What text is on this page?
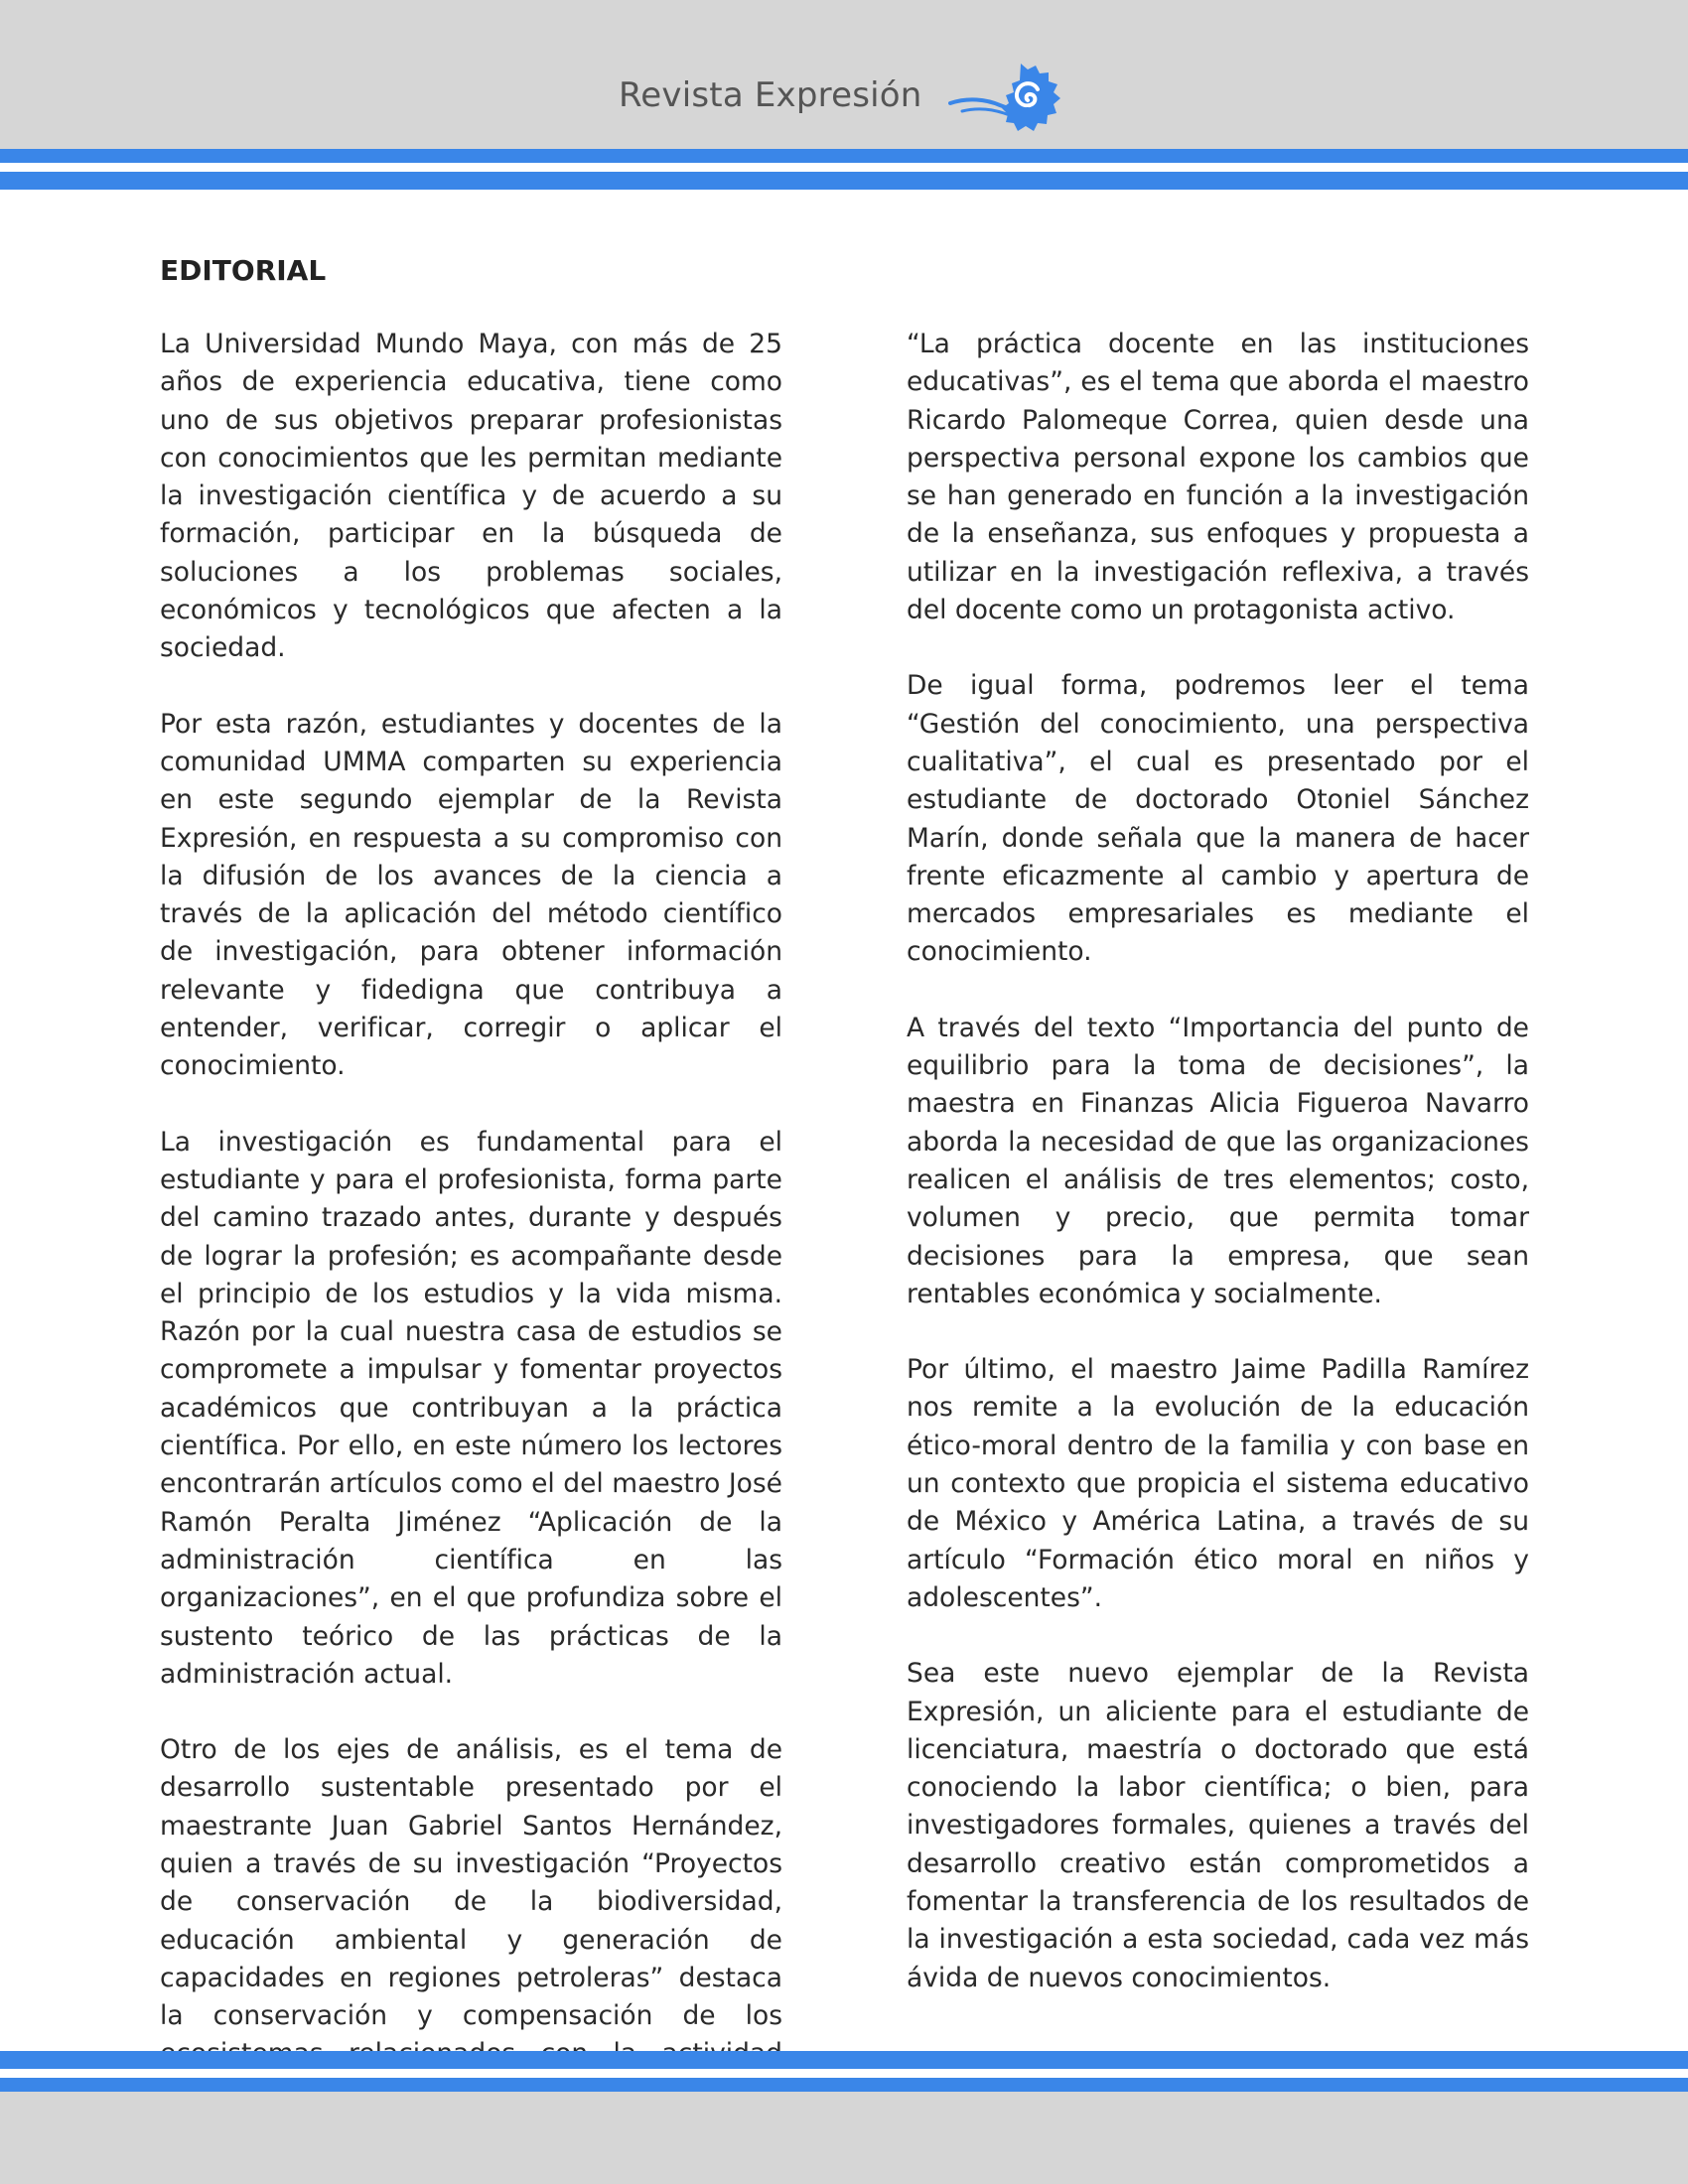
Revista Expresión
EDITORIAL

La Universidad Mundo Maya, con más de 25 años de experiencia educativa, tiene como uno de sus objetivos preparar profesionistas con conocimientos que les permitan mediante la investigación científica y de acuerdo a su formación, participar en la búsqueda de soluciones a los problemas sociales, económicos y tecnológicos que afecten a la sociedad.

Por esta razón, estudiantes y docentes de la comunidad UMMA comparten su experiencia en este segundo ejemplar de la Revista Expresión, en respuesta a su compromiso con la difusión de los avances de la ciencia a través de la aplicación del método científico de investigación, para obtener información relevante y fidedigna que contribuya a entender, verificar, corregir o aplicar el conocimiento.

La investigación es fundamental para el estudiante y para el profesionista, forma parte del camino trazado antes, durante y después de lograr la profesión; es acompañante desde el principio de los estudios y la vida misma. Razón por la cual nuestra casa de estudios se compromete a impulsar y fomentar proyectos académicos que contribuyan a la práctica científica. Por ello, en este número los lectores encontrarán artículos como el del maestro José Ramón Peralta Jiménez “Aplicación de la administración científica en las organizaciones”, en el que profundiza sobre el sustento teórico de las prácticas de la administración actual.

Otro de los ejes de análisis, es el tema de desarrollo sustentable presentado por el maestrante Juan Gabriel Santos Hernández, quien a través de su investigación “Proyectos de conservación de la biodiversidad, educación ambiental y generación de capacidades en regiones petroleras” destaca la conservación y compensación de los

“La práctica docente en las instituciones educativas”, es el tema que aborda el maestro Ricardo Palomeque Correa, quien desde una perspectiva personal expone los cambios que se han generado en función a la investigación de la enseñanza, sus enfoques y propuesta a utilizar en la investigación reflexiva, a través del docente como un protagonista activo.

De igual forma, podremos leer el tema “Gestión del conocimiento, una perspectiva cualitativa”, el cual es presentado por el estudiante de doctorado Otoniel Sánchez Marín, donde señala que la manera de hacer frente eficazmente al cambio y apertura de mercados empresariales es mediante el conocimiento.

A través del texto “Importancia del punto de equilibrio para la toma de decisiones”, la maestra en Finanzas Alicia Figueroa Navarro aborda la necesidad de que las organizaciones realicen el análisis de tres elementos; costo, volumen y precio, que permita tomar decisiones para la empresa, que sean rentables económica y socialmente.

Por último, el maestro Jaime Padilla Ramírez nos remite a la evolución de la educación ético-moral dentro de la familia y con base en un contexto que propicia el sistema educativo de México y América Latina, a través de su artículo “Formación ético moral en niños y adolescentes”.

Sea este nuevo ejemplar de la Revista Expresión, un aliciente para el estudiante de licenciatura, maestría o doctorado que está conociendo la labor científica; o bien, para investigadores formales, quienes a través del desarrollo creativo están comprometidos a fomentar la transferencia de los resultados de la investigación a esta sociedad, cada vez más ávida de nuevos conocimientos.
